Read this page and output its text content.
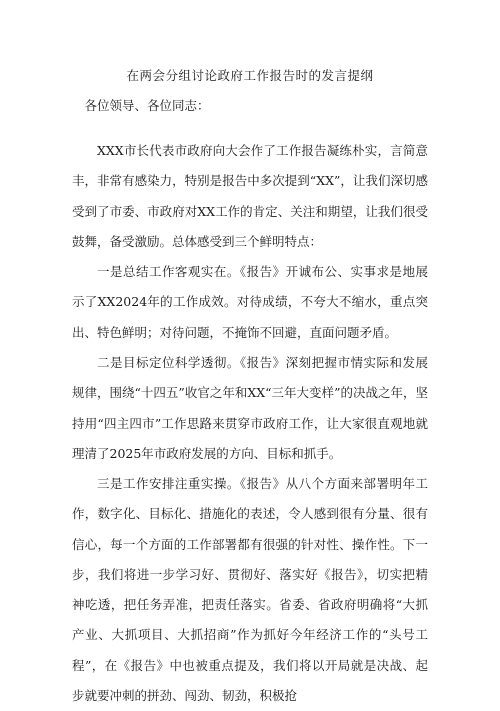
在两会分组讨论政府工作报告时的发言提纲

各位领导、各位同志：

XXX市长代表市政府向大会作了工作报告凝练朴实，言简意丰，非常有感染力，特别是报告中多次提到“XX”，让我们深切感受到了市委、市政府对XX工作的肯定、关注和期望，让我们很受鼓舞，备受激励。总体感受到三个鲜明特点：

一是总结工作客观实在。《报告》开诚布公、实事求是地展示了XX2024年的工作成效。对待成绩，不夸大不缩水，重点突出、特色鲜明；对待问题，不掩饰不回避，直面问题矛盾。

二是目标定位科学透彻。《报告》深刻把握市情实际和发展规律，围绕“十四五”收官之年和XX“三年大变样”的决战之年，坚持用“四主四市”工作思路来贯穿市政府工作，让大家很直观地就理清了2025年市政府发展的方向、目标和抓手。

三是工作安排注重实操。《报告》从八个方面来部署明年工作，数字化、目标化、措施化的表述，令人感到很有分量、很有信心，每一个方面的工作部署都有很强的针对性、操作性。下一步，我们将进一步学习好、贯彻好、落实好《报告》，切实把精神吃透，把任务弄准，把责任落实。省委、省政府明确将“大抓产业、大抓项目、大抓招商”作为抓好今年经济工作的“头号工程”，在《报告》中也被重点提及，我们将以开局就是决战、起步就要冲刺的拼劲、闯劲、韧劲，积极抢
